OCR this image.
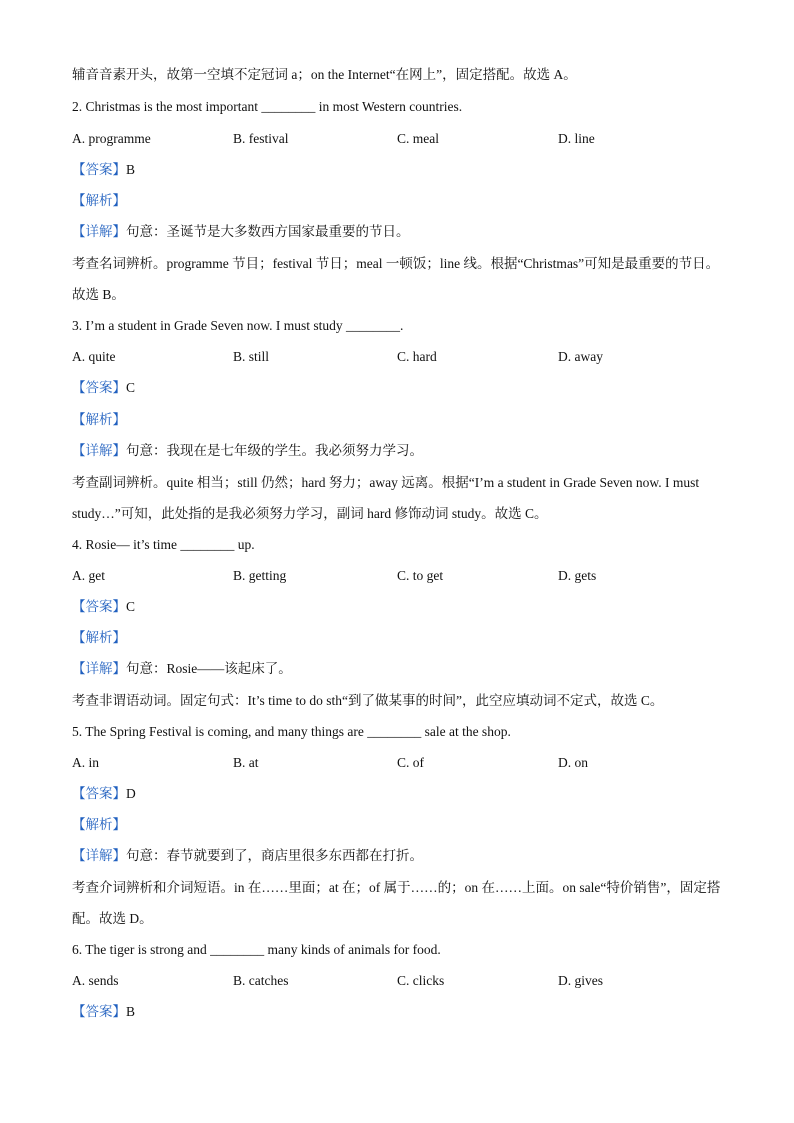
辅音音素开头，故第一空填不定冠词 a；on the Internet“在网上”，固定搭配。故选 A。
2. Christmas is the most important ________ in most Western countries.
A. programme	B. festival	C. meal	D. line
【答案】B
【解析】
【详解】句意：圣诞节是大多数西方国家最重要的节日。
考查名词辨析。programme 节目；festival 节日；meal 一顿饭；line 线。根据“Christmas”可知是最重要的节日。故选 B。
3. I’m a student in Grade Seven now. I must study ________.
A. quite	B. still	C. hard	D. away
【答案】C
【解析】
【详解】句意：我现在是七年级的学生。我必须努力学习。
考查副词辨析。quite 相当；still 仍然；hard 努力；away 远离。根据“I’m a student in Grade Seven now. I must study…”可知，此处指的是我必须努力学习，副词 hard 修饰动词 study。故选 C。
4. Rosie— it’s time ________ up.
A. get	B. getting	C. to get	D. gets
【答案】C
【解析】
【详解】句意：Rosie——该起床了。
考查非谓语动词。固定句式：It’s time to do sth“到了做某事的时间”，此空应填动词不定式，故选 C。
5. The Spring Festival is coming, and many things are ________ sale at the shop.
A. in	B. at	C. of	D. on
【答案】D
【解析】
【详解】句意：春节就要到了，商店里很多东西都在打折。
考查介词辨析和介词短语。in 在……里面；at 在；of 属于……的；on 在……上面。on sale“特价销售”，固定搭配。故选 D。
6. The tiger is strong and ________ many kinds of animals for food.
A. sends	B. catches	C. clicks	D. gives
【答案】B
